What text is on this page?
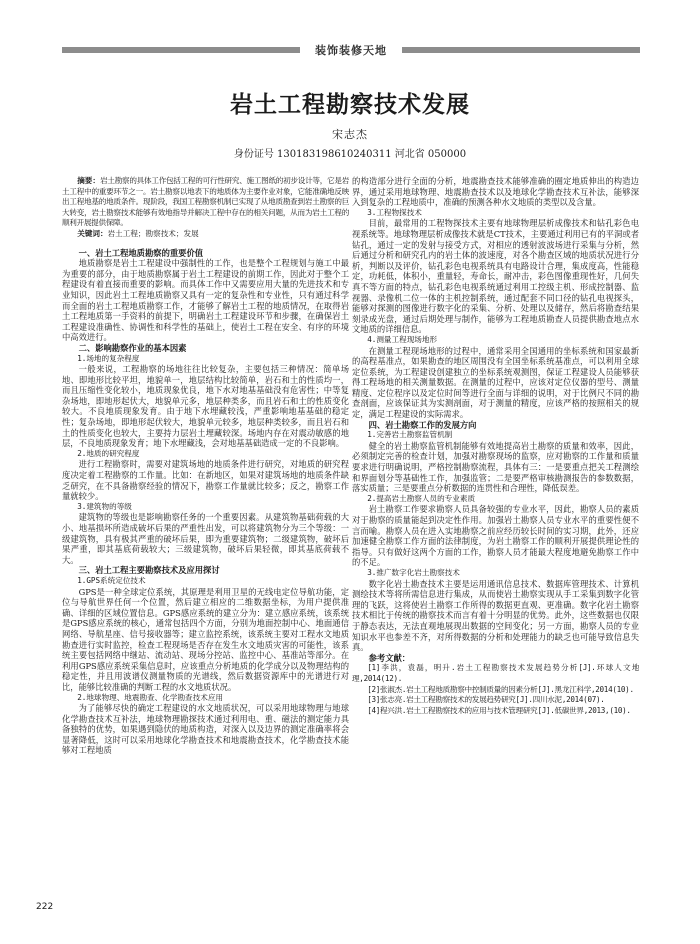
装饰装修天地
岩土工程勘察技术发展
宋志杰
身份证号 130183198610240311 河北省 050000

摘要：岩土勘察的具体工作包括工程的可行性研究、施工图纸的初步设计等，它是岩土工程中的重要环节之一。岩土勘察以地表下的地质体为主要作业对象，它能准确地反映出工程地基的地质条件。现阶段，我国工程勘察机制已实现了从地质勘查到岩土勘察的巨大转变，岩土勘察技术能够有效地指导并解决工程中存在的相关问题，从而为岩土工程的顺利开展提供保障。

关键词：岩土工程；勘察技术；发展

一、岩土工程地质勘察的重要价值

地质勘察是岩土工程建设中强制性的工作，也是整个工程规划与施工中最为重要的部分，由于地质勘察属于岩土工程建设的前期工作，因此对于整个工程建设有着直接而重要的影响。而具体工作中又需要应用大量的先进技术和专业知识，因此岩土工程地质勘察又具有一定的复杂性和专业性，只有通过科学而全面的岩土工程地质勘察工作，才能够了解岩土工程的地质情况，在取得岩土工程地质第一手资料的前提下，明确岩土工程建设环节和步骤，在确保岩土工程建设准确性、协调性和科学性的基础上，使岩土工程在安全、有序的环境中高效进行。

二、影响勘察作业的基本因素

1.场地的复杂程度

一般来说，工程勘察的场地往往比较复杂，主要包括三种情况：简单场地、即地形比较平坦，地貌单一，地层结构比较简单，岩石和土的性质均一，而且压缩性变化较小，地质现象优良，地下水对地基基础没有危害性；中等复杂场地，即地形起伏大，地貌单元多，地层种类多，而且岩石和土的性质变化较大。不良地质现象发育。由于地下水埋藏较浅，严重影响地基基础的稳定性；复杂场地，即地形起伏较大，地貌单元较多，地层种类较多，而且岩石和土的性质变化也较大，主要持力层岩土埋藏较深。场地内存在对震动敏感的地层，不良地质现象发育；地下水埋藏浅，会对地基基础造成一定的不良影响。

2.地质的研究程度

进行工程勘察时，需要对建筑场地的地质条件进行研究，对地质的研究程度决定着工程勘察的工作量。比如：在新地区，如果对建筑场地的地质条件缺乏研究，在不具备勘察经验的情况下，勘察工作量就比较多；反之，勘察工作量就较少。

3.建筑物的等级

建筑物的等级也是影响勘察任务的一个重要因素。从建筑物基础荷载的大小、地基损坏所造成破坏后果的严重性出发，可以将建筑物分为三个等级：一级建筑物，具有极其严重的破坏后果，即为重要建筑物；二级建筑物，破坏后果严重，即其基底荷载较大；三级建筑物，破坏后果轻微，即其基底荷载不大。

三、岩土工程主要勘察技术及应用探讨

1.GPS系统定位技术

GPS是一种全球定位系统，其原理是利用卫星的无线电定位导航功能，定位与导航世界任何一个位置，然后建立相应的二维数据坐标，为用户提供准确、详细的区域位置信息。GPS感应系统的建立分为：建立感应系统，该系统是GPS感应系统的核心，通常包括四个方面，分别为地面控制中心、地面通信网络、导航星座、信号接收器等；建立监控系统，该系统主要对工程水文地质勘查进行实时监控，检查工程现场是否存在发生水文地质灾害的可能性，该系统主要包括网络中继站、流动站、现场分控站、监控中心、基准站等部分。在利用GPS感应系统采集信息时，应该重点分析地质的化学成分以及物理结构的稳定性，并且用波谱仪测量物质的光谱线，然后数据资源库中的光谱进行对比，能够比较准确的判断工程的水文地质状况。

2.地球物理、地震勘查、化学勘查技术应用

为了能够尽快的确定工程建设的水文地质状况，可以采用地球物理与地球化学勘查技术互补法，地球物理勘探技术通过利用电、重、磁法的测定能力具备独特的优势，如果遇到隐伏的地质构造，对深入以及边界的测定准确率将会显著降低，这时可以采用地球化学勘查技术和地震勘查技术，化学勘查技术能够对工程地质

的构造部分进行全面的分析，地震勘查技术能够准确的圈定地质伸出的构造边界，通过采用地球物理、地震勘查技术以及地球化学勘查技术互补法，能够深入到复杂的工程地质中，准确的预测各种水文地质的类型以及含量。

3.工程物探技术

目前，最常用的工程物探技术主要有地球物理层析成像技术和钻孔彩色电视系统等。地球物理层析成像技术就是CT技术，主要通过利用已有的平洞或者钻孔，通过一定的发射与接受方式，对相应的透射波波场进行采集与分析，然后通过分析和研究孔内的岩土体的波速度，对各个勘查区域的地质状况进行分析，判断以及评价，钻孔彩色电视系统具有电路设计合理，集成度高，性能稳定，功耗低，体积小，重量轻，寿命长，耐冲击，彩色图像重现性好，几何失真不等方面的特点，钻孔彩色电视系统通过利用工控级主机、形成控制器、监视器、录像机二位一体的主机控制系统，通过配套不同口径的钻孔电视探头，能够对探测的图像进行数字化的采集、分析、处理以及储存，然后将勘查结果刻录成光盘，通过后期处理与制作，能够为工程地质勘查人员提供勘查地点水文地质的详细信息。

4.测量工程现场地形

在测量工程现场地形的过程中，通常采用全国通用的坐标系统和国家最新的高程基准点，如果勘查的地区周围没有全国坐标系统基准点，可以利用全球定位系统，为工程建设创建独立的坐标系统观测图，保证工程建设人员能够获得工程场地的相关测量数据。在测量的过程中，应该对定位仪器的型号、测量精度、定位程序以及定位时间等进行全面与详细的说明，对于比例尺不同的勘查剖面，应该保证其为实测剖面，对于测量的精度，应该严格的按照相关的规定，满足工程建设的实际需求。

四、岩土勘察工作的发展方向

1.完善岩土勘察监管机制

健全的岩土勘察监管机制能够有效地提高岩土勘察的质量和效率，因此，必须制定完善的检查计划，加强对勘察现场的监察，应对勘察的工作量和质量要求进行明确说明，严格控制勘察流程，具体有三：一是要重点把关工程测绘和界面划分等基础性工作，加强监管；二是要严格审核勘测报告的参数数据，落实质量；三是要重点分析数据的连贯性和合理性，降低误差。

2.提高岩土勘察人员的专业素质

岩土勘察工作要求勘察人员具备较强的专业水平，因此，勘察人员的素质对于勘察的质量能起到决定性作用。加强岩土勘察人员专业水平的重要性便不言而喻。勘察人员在进入实地勘察之前应经历较长时间的实习期，此外，还应加速健全勘察工作方面的法律制度，为岩土勘察工作的顺利开展提供理论性的指导。只有做好这两个方面的工作，勘察人员才能最大程度地避免勘察工作中的不足。

3.推广数字化岩土勘察技术

数字化岩土勘查技术主要是运用通讯信息技术、数据库管理技术、计算机测绘技术等将所需信息进行集成，从而使岩土勘察实现从手工采集到数字化管理的飞跃，这将使岩土勘察工作所得的数据更直观、更准确。数字化岩土勘察技术相比于传统的勘察技术而言有着十分明显的优势。此外，这些数据也仅限于静态表达，无法直观地展现出数据的空间变化；另一方面，勘察人员的专业知识水平也参差不齐，对所得数据的分析和处理能力的缺乏也可能导致信息失真。

参考文献：

[1]李洪，袁磊，明升.岩土工程勘察技术发展趋势分析[J].环球人文地理,2014(12).

[2]张淑杰.岩土工程地质勘察中控制质量的因素分析[J].黑龙江科学,2014(10).

[3]张志亮.岩土工程勘察技术的发展趋势研究[J].四川水泥,2014(07).

[4]程兴洪.岩土工程勘察技术的应用与技术管理研究[J].低碳世界,2013,(10).

222
